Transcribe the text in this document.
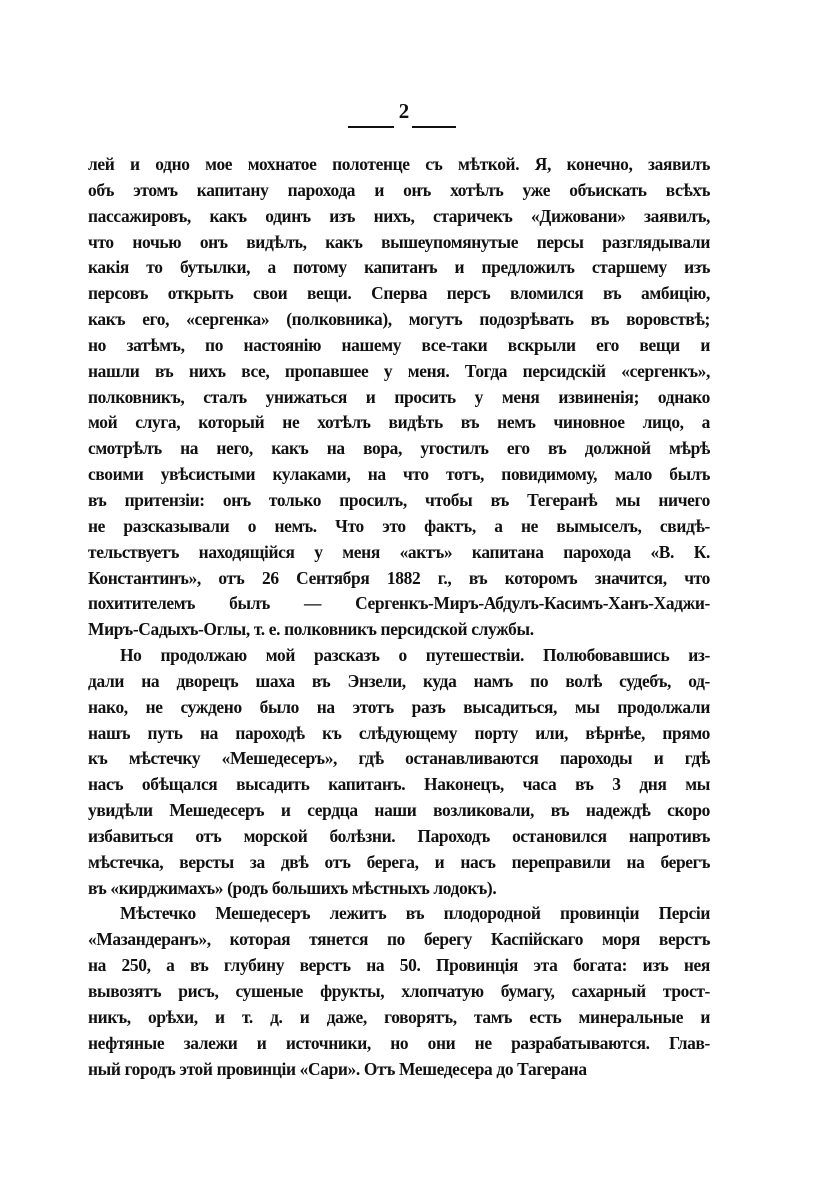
2
лей и одно мое мохнатое полотенце съ мѣткой. Я, конечно, заявилъ
объ этомъ капитану парохода и онъ хотѣлъ уже объискать всѣхъ
пассажировъ, какъ одинъ изъ нихъ, старичекъ «Дижовани» заявилъ,
что ночью онъ видѣлъ, какъ вышеупомянутые персы разглядывали
какія то бутылки, а потому капитанъ и предложилъ старшему изъ
персовъ открыть свои вещи. Сперва персъ вломился въ амбицію,
какъ его, «сергенка» (полковника), могутъ подозрѣвать въ воровствѣ;
но затѣмъ, по настоянію нашему все-таки вскрыли его вещи и
нашли въ нихъ все, пропавшее у меня. Тогда персидскій «сергенкъ»,
полковникъ, сталъ унижаться и просить у меня извиненія; однако
мой слуга, который не хотѣлъ видѣть въ немъ чиновное лицо, а
смотрѣлъ на него, какъ на вора, угостилъ его въ должной мѣрѣ
своими увѣсистыми кулаками, на что тотъ, повидимому, мало былъ
въ притензіи: онъ только просилъ, чтобы въ Тегеранѣ мы ничего
не разсказывали о немъ. Что это фактъ, а не вымыселъ, свидѣ-
тельствуетъ находящійся у меня «актъ» капитана парохода «В. К.
Константинъ», отъ 26 Сентября 1882 г., въ которомъ значится, что
похитителемъ былъ — Сергенкъ-Миръ-Абдулъ-Касимъ-Ханъ-Хаджи-
Миръ-Садыхъ-Оглы, т. е. полковникъ персидской службы.
Но продолжаю мой разсказъ о путешествіи. Полюбовавшись из-
дали на дворецъ шаха въ Энзели, куда намъ по волѣ судебъ, од-
нако, не суждено было на этотъ разъ высадиться, мы продолжали
нашъ путь на пароходѣ къ слѣдующему порту или, вѣрнѣе, прямо
къ мѣстечку «Мешедесеръ», гдѣ останавливаются пароходы и гдѣ
насъ обѣщался высадить капитанъ. Наконецъ, часа въ 3 дня мы
увидѣли Мешедесеръ и сердца наши возликовали, въ надеждѣ скоро
избавиться отъ морской болѣзни. Пароходъ остановился напротивъ
мѣстечка, версты за двѣ отъ берега, и насъ переправили на берегъ
въ «кирджимахъ» (родъ большихъ мѣстныхъ лодокъ).
Мѣстечко Мешедесеръ лежитъ въ плодородной провинціи Персіи
«Мазандеранъ», которая тянется по берегу Каспійскаго моря верстъ
на 250, а въ глубину верстъ на 50. Провинція эта богата: изъ нея
вывозятъ рисъ, сушеные фрукты, хлопчатую бумагу, сахарный трост-
никъ, орѣхи, и т. д. и даже, говорятъ, тамъ есть минеральные и
нефтяные залежи и источники, но они не разрабатываются. Глав-
ный городъ этой провинціи «Сари». Отъ Мешедесера до Тагерана
